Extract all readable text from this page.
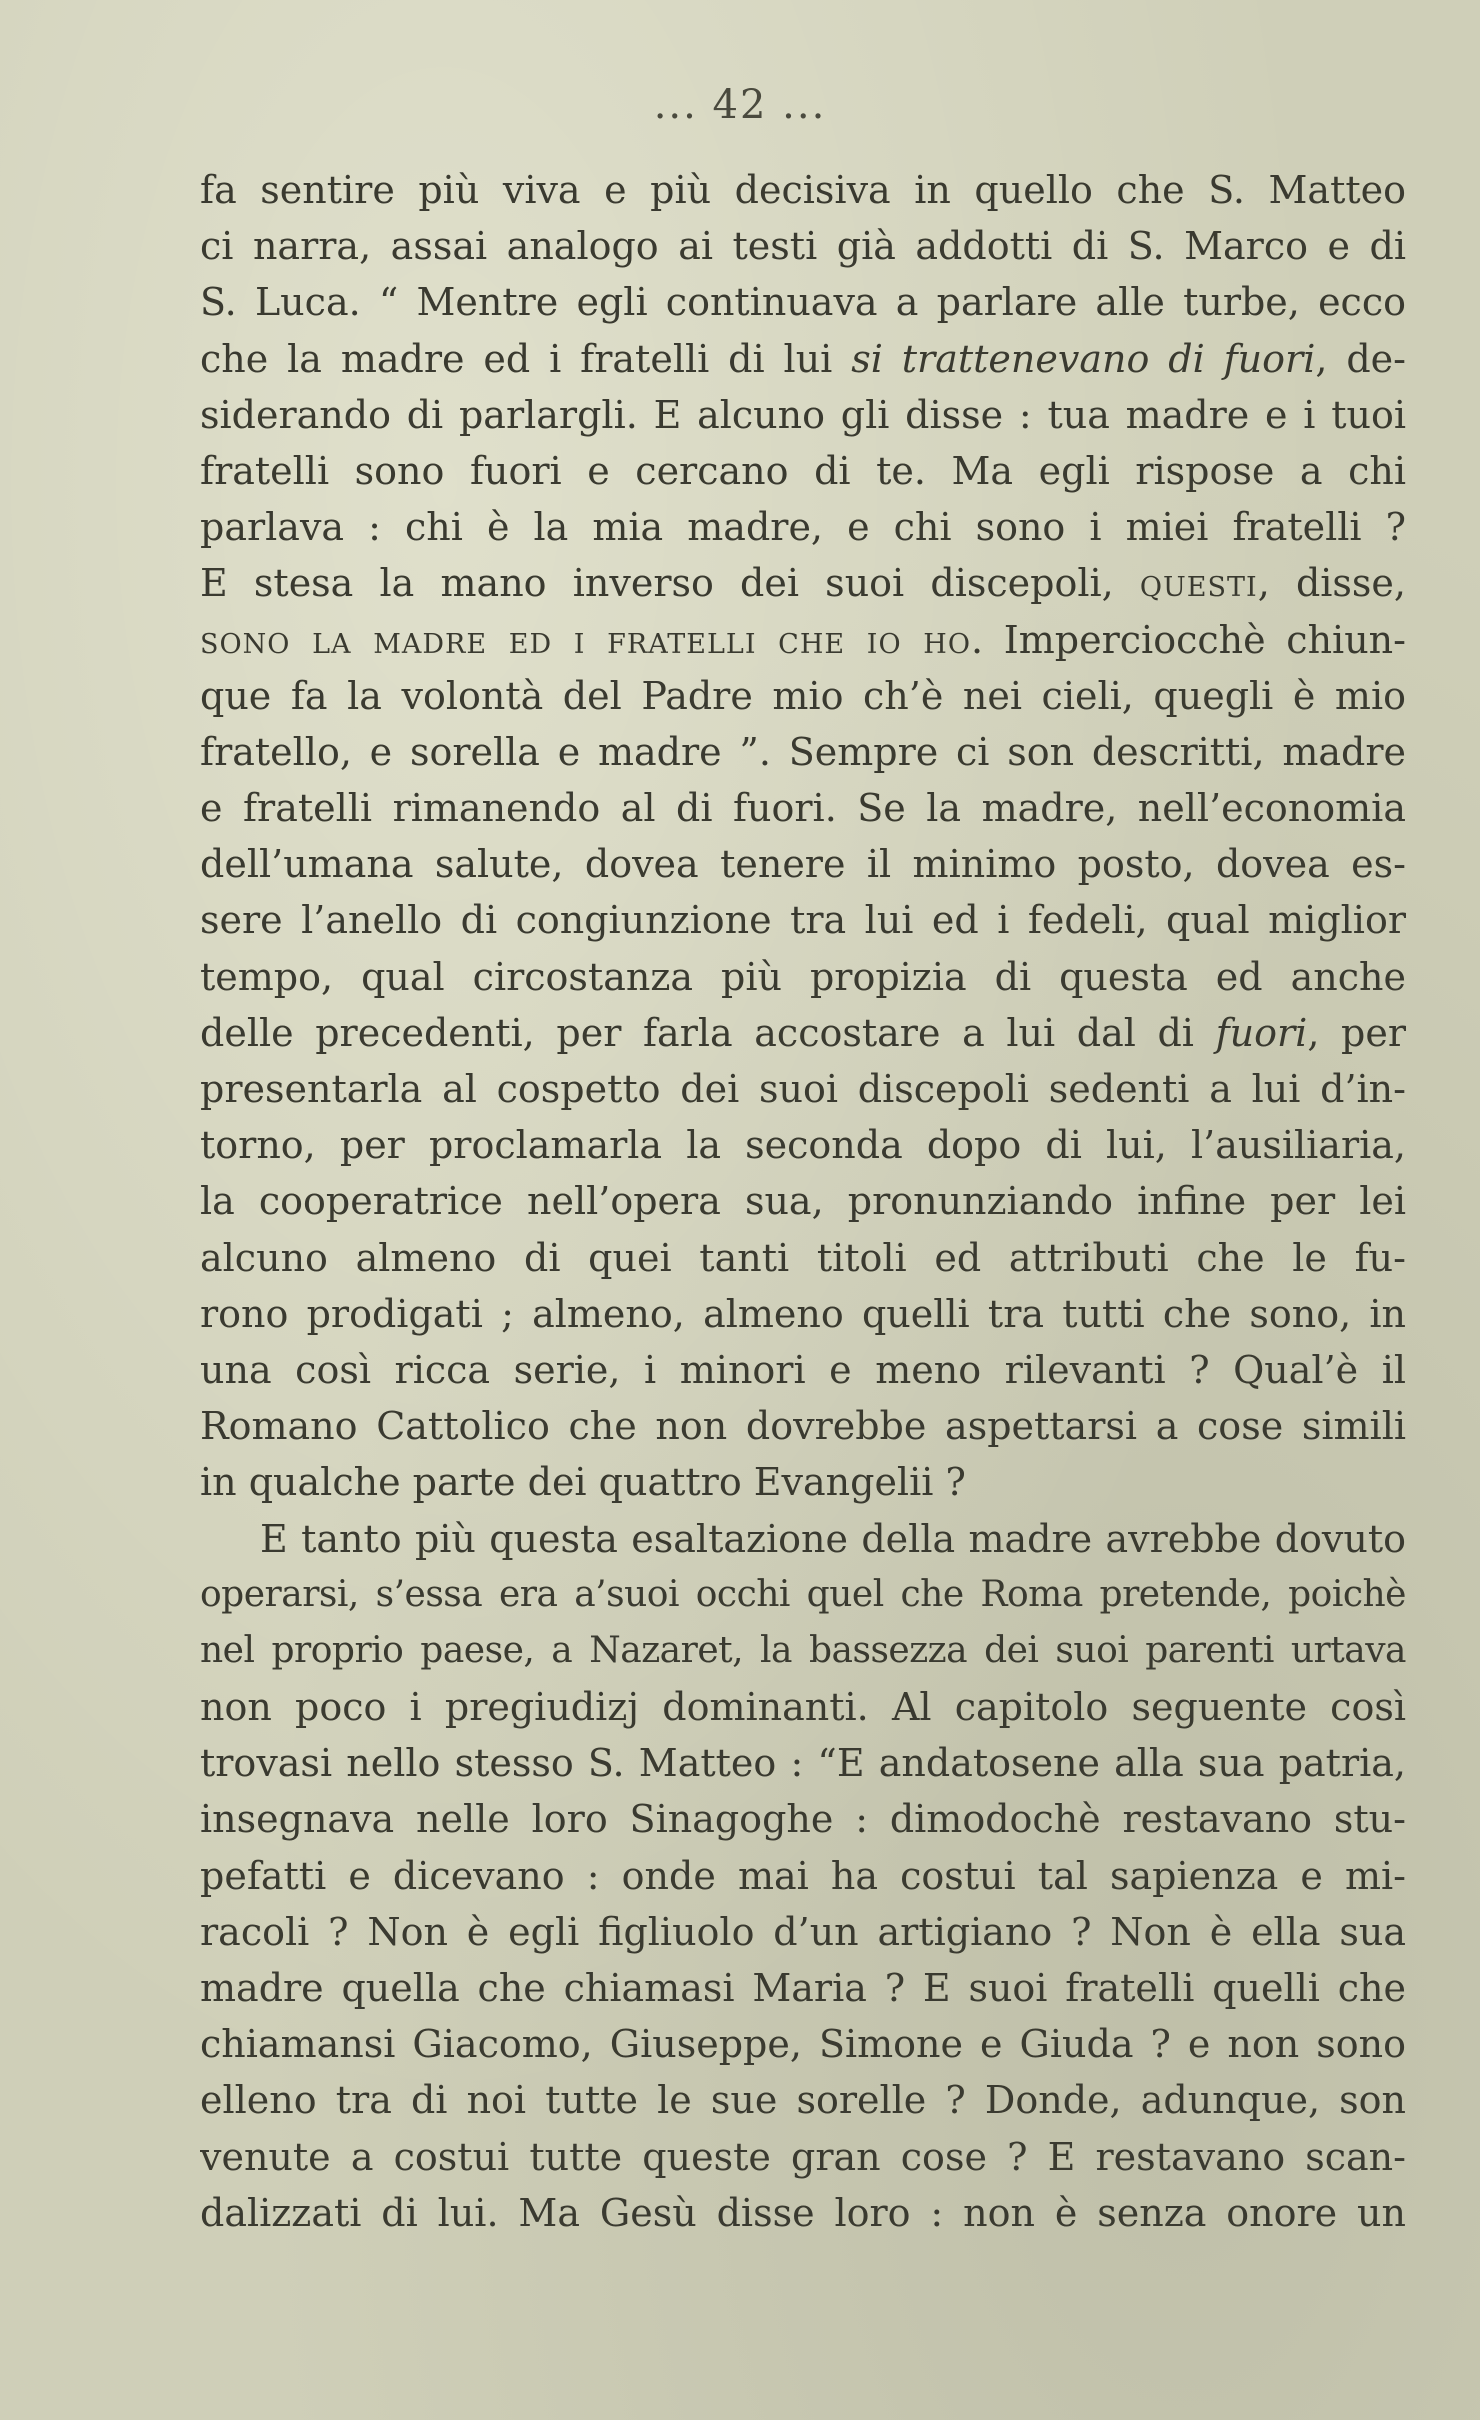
... 42 ...
fa sentire più viva e più decisiva in quello che S. Matteo
ci narra, assai analogo ai testi già addotti di S. Marco e di
S. Luca. “ Mentre egli continuava a parlare alle turbe, ecco
che la madre ed i fratelli di lui si trattenevano di fuori, de-
siderando di parlargli. E alcuno gli disse : tua madre e i tuoi
fratelli sono fuori e cercano di te. Ma egli rispose a chi
parlava : chi è la mia madre, e chi sono i miei fratelli ?
E stesa la mano inverso dei suoi discepoli, questi, disse,
sono la madre ed i fratelli che io ho. Imperciocchè chiun-
que fa la volontà del Padre mio ch’è nei cieli, quegli è mio
fratello, e sorella e madre ”. Sempre ci son descritti, madre
e fratelli rimanendo al di fuori. Se la madre, nell’economia
dell’umana salute, dovea tenere il minimo posto, dovea es-
sere l’anello di congiunzione tra lui ed i fedeli, qual miglior
tempo, qual circostanza più propizia di questa ed anche
delle precedenti, per farla accostare a lui dal di fuori, per
presentarla al cospetto dei suoi discepoli sedenti a lui d’in-
torno, per proclamarla la seconda dopo di lui, l’ausiliaria,
la cooperatrice nell’opera sua, pronunziando infine per lei
alcuno almeno di quei tanti titoli ed attributi che le fu-
rono prodigati ; almeno, almeno quelli tra tutti che sono, in
una così ricca serie, i minori e meno rilevanti ? Qual’è il
Romano Cattolico che non dovrebbe aspettarsi a cose simili
in qualche parte dei quattro Evangelii ?
E tanto più questa esaltazione della madre avrebbe dovuto
operarsi, s’essa era a’suoi occhi quel che Roma pretende, poichè
nel proprio paese, a Nazaret, la bassezza dei suoi parenti urtava
non poco i pregiudizj dominanti. Al capitolo seguente così
trovasi nello stesso S. Matteo : “E andatosene alla sua patria,
insegnava nelle loro Sinagoghe : dimodochè restavano stu-
pefatti e dicevano : onde mai ha costui tal sapienza e mi-
racoli ? Non è egli figliuolo d’un artigiano ? Non è ella sua
madre quella che chiamasi Maria ? E suoi fratelli quelli che
chiamansi Giacomo, Giuseppe, Simone e Giuda ? e non sono
elleno tra di noi tutte le sue sorelle ? Donde, adunque, son
venute a costui tutte queste gran cose ? E restavano scan-
dalizzati di lui. Ma Gesù disse loro : non è senza onore un
